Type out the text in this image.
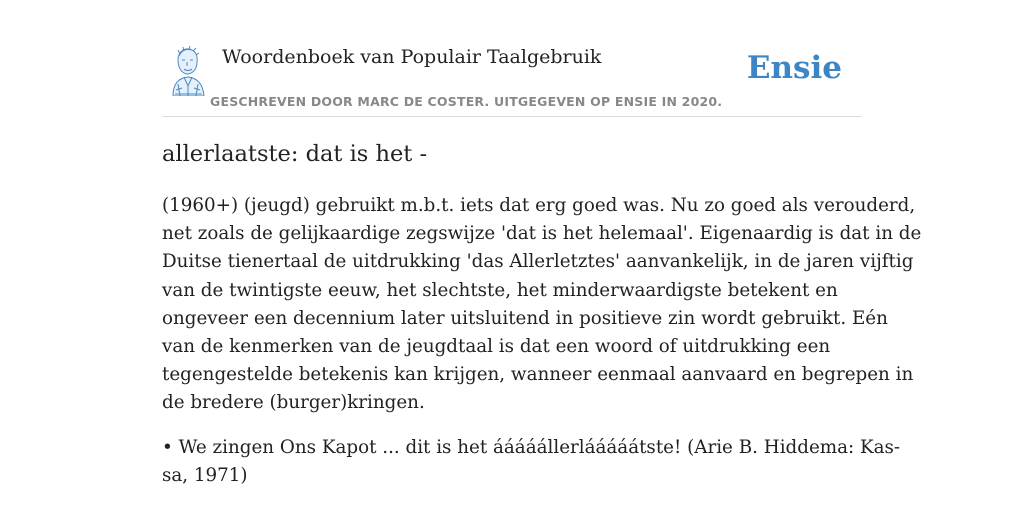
Woordenboek van Populair Taalgebruik
GESCHREVEN DOOR MARC DE COSTER. UITGEGEVEN OP ENSIE IN 2020.
Ensie
allerlaatste: dat is het -

(1960+) (jeugd) gebruikt m.b.t. iets dat erg goed was. Nu zo goed als verouderd,
net zoals de gelijkaardige zegswijze 'dat is het helemaal'. Eigenaardig is dat in de
Duitse tienertaal de uitdrukking 'das Allerletztes' aanvankelijk, in de jaren vijftig
van de twintigste eeuw, het slechtste, het minderwaardigste betekent en
ongeveer een decennium later uitsluitend in positieve zin wordt gebruikt. Eén
van de kenmerken van de jeugdtaal is dat een woord of uitdrukking een
tegengestelde betekenis kan krijgen, wanneer eenmaal aanvaard en begrepen in
de bredere (burger)kringen.

• We zingen Ons Kapot ... dit is het ááááállerlááááátste! (Arie B. Hiddema: Kas-
sa, 1971)
